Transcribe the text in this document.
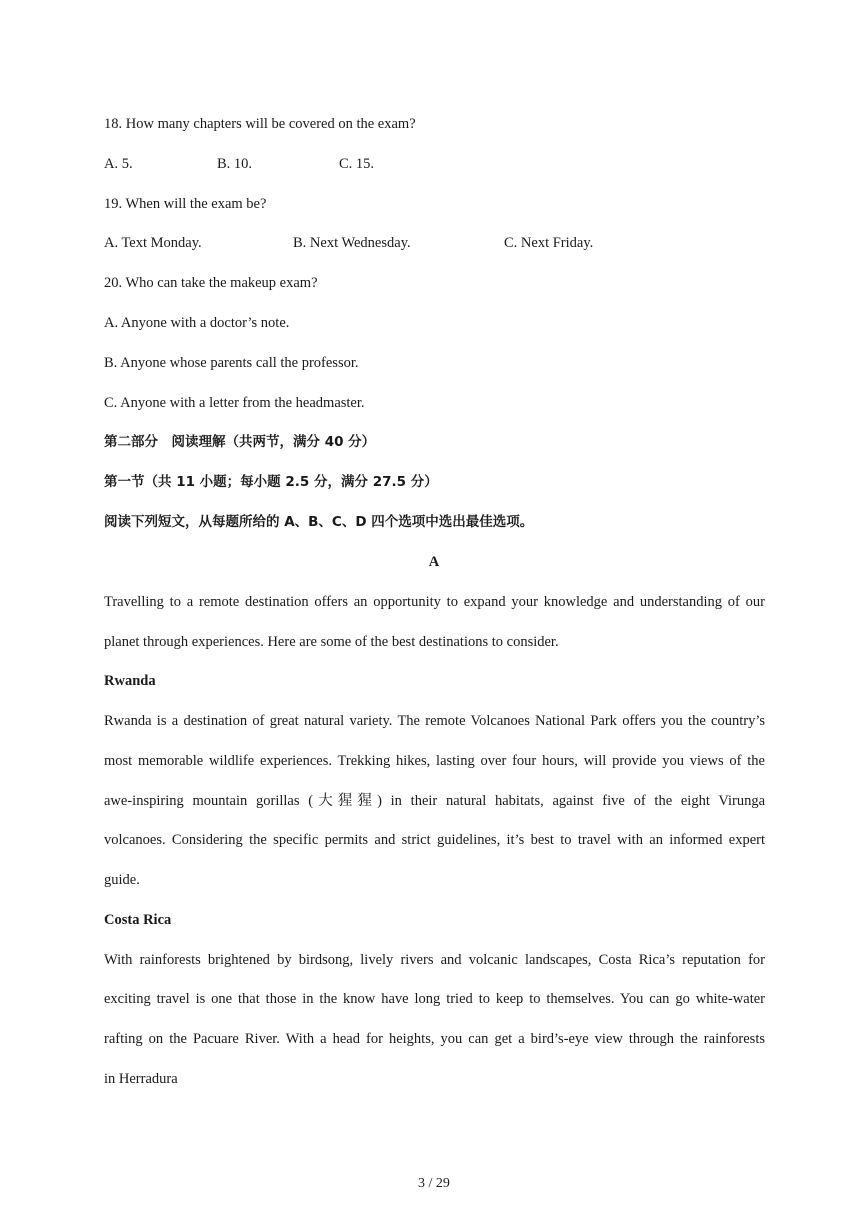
18. How many chapters will be covered on the exam?
A. 5.	B. 10.	C. 15.
19. When will the exam be?
A. Text Monday.	B. Next Wednesday.	C. Next Friday.
20. Who can take the makeup exam?
A. Anyone with a doctor’s note.
B. Anyone whose parents call the professor.
C. Anyone with a letter from the headmaster.
第二部分　阅读理解（共两节，满分 40 分）
第一节（共 11 小题；每小题 2.5 分，满分 27.5 分）
阅读下列短文，从每题所给的 A、B、C、D 四个选项中选出最佳选项。
A
Travelling to a remote destination offers an opportunity to expand your knowledge and understanding of our
planet through experiences. Here are some of the best destinations to consider.
Rwanda
Rwanda is a destination of great natural variety. The remote Volcanoes National Park offers you the country’s
most memorable wildlife experiences. Trekking hikes, lasting over four hours, will provide you views of the
awe-inspiring mountain gorillas (大猩猩) in their natural habitats, against five of the eight Virunga
volcanoes. Considering the specific permits and strict guidelines, it’s best to travel with an informed expert
guide.
Costa Rica
With rainforests brightened by birdsong, lively rivers and volcanic landscapes, Costa Rica’s reputation for
exciting travel is one that those in the know have long tried to keep to themselves. You can go white-water
rafting on the Pacuare River. With a head for heights, you can get a bird’s-eye view through the rainforests
in Herradura
3 / 29
